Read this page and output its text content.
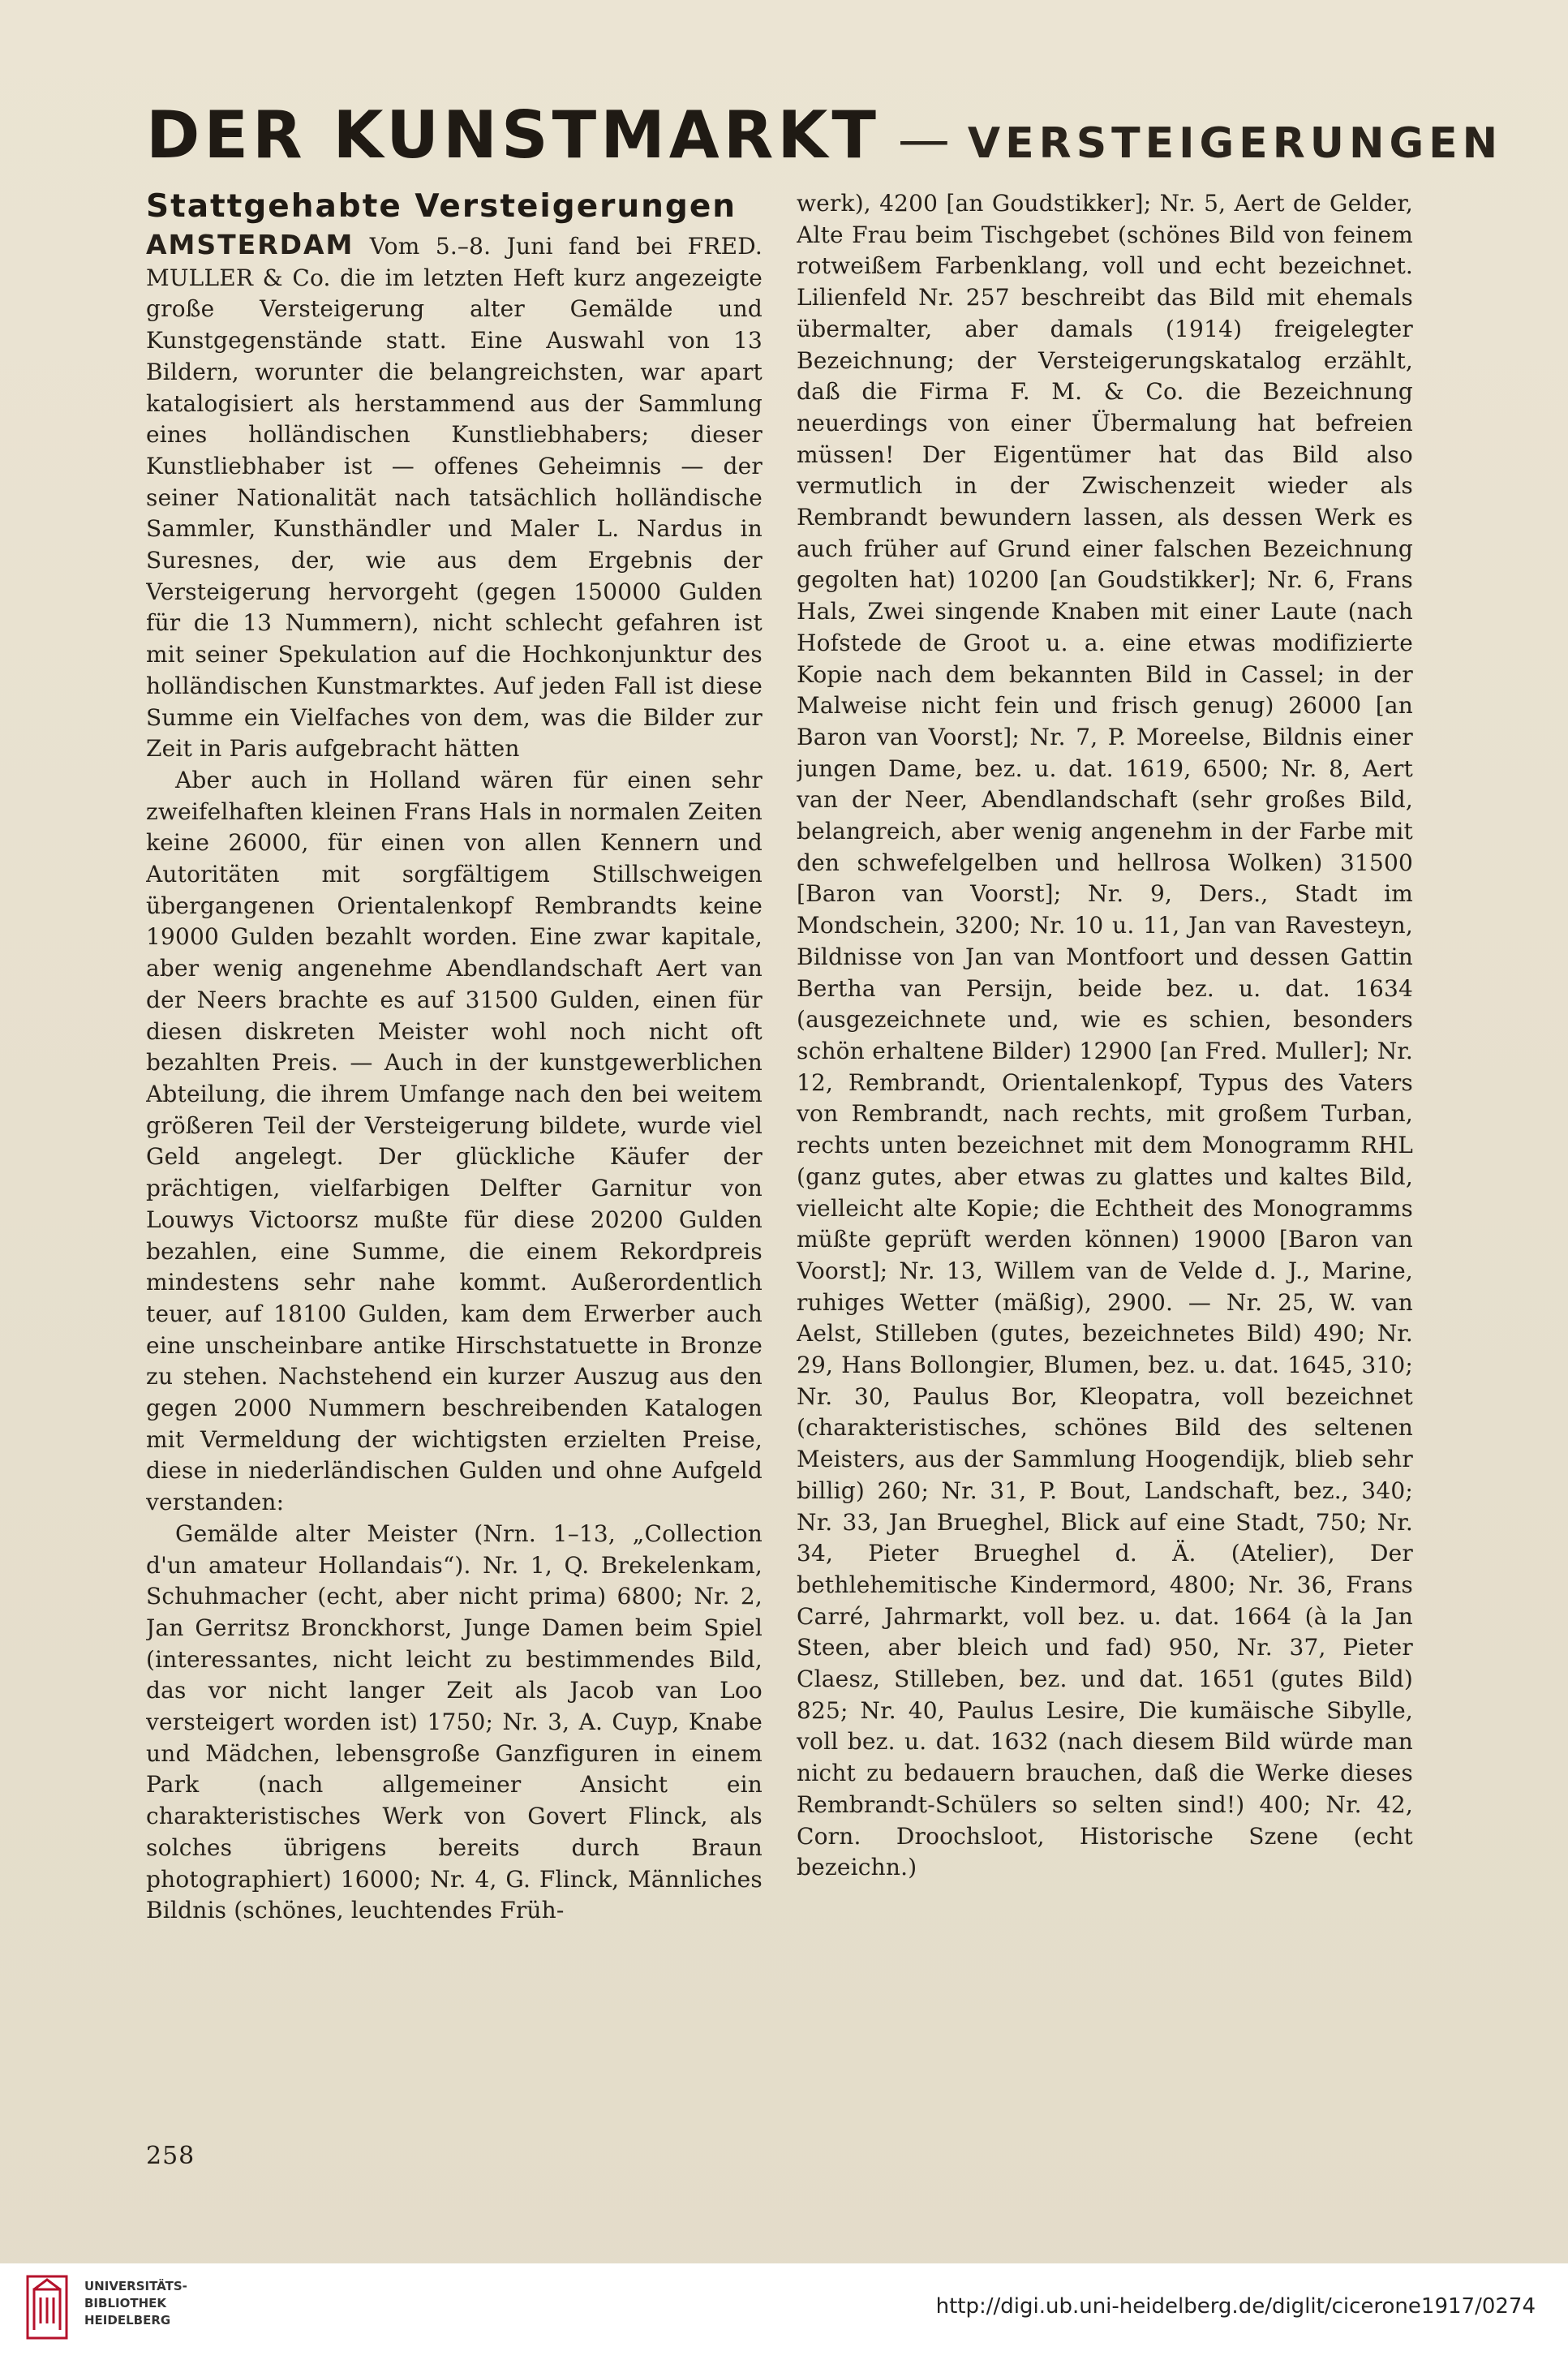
DER KUNSTMARKT — VERSTEIGERUNGEN
Stattgehabte Versteigerungen

AMSTERDAM Vom 5.–8. Juni fand bei FRED. MULLER & Co. die im letzten Heft kurz angezeigte große Versteigerung alter Gemälde und Kunstgegenstände statt. Eine Auswahl von 13 Bildern, worunter die belangreichsten, war apart katalogisiert als herstammend aus der Sammlung eines holländischen Kunstliebhabers; dieser Kunstliebhaber ist — offenes Geheimnis — der seiner Nationalität nach tatsächlich holländische Sammler, Kunsthändler und Maler L. Nardus in Suresnes, der, wie aus dem Ergebnis der Versteigerung hervorgeht (gegen 150000 Gulden für die 13 Nummern), nicht schlecht gefahren ist mit seiner Spekulation auf die Hochkonjunktur des holländischen Kunstmarktes. Auf jeden Fall ist diese Summe ein Vielfaches von dem, was die Bilder zur Zeit in Paris aufgebracht hätten

Aber auch in Holland wären für einen sehr zweifelhaften kleinen Frans Hals in normalen Zeiten keine 26000, für einen von allen Kennern und Autoritäten mit sorgfältigem Stillschweigen übergangenen Orientalenkopf Rembrandts keine 19000 Gulden bezahlt worden. Eine zwar kapitale, aber wenig angenehme Abendlandschaft Aert van der Neers brachte es auf 31500 Gulden, einen für diesen diskreten Meister wohl noch nicht oft bezahlten Preis. — Auch in der kunstgewerblichen Abteilung, die ihrem Umfange nach den bei weitem größeren Teil der Versteigerung bildete, wurde viel Geld angelegt. Der glückliche Käufer der prächtigen, vielfarbigen Delfter Garnitur von Louwys Victoorsz mußte für diese 20200 Gulden bezahlen, eine Summe, die einem Rekordpreis mindestens sehr nahe kommt. Außerordentlich teuer, auf 18100 Gulden, kam dem Erwerber auch eine unscheinbare antike Hirschstatuette in Bronze zu stehen. Nachstehend ein kurzer Auszug aus den gegen 2000 Nummern beschreibenden Katalogen mit Vermeldung der wichtigsten erzielten Preise, diese in niederländischen Gulden und ohne Aufgeld verstanden:

Gemälde alter Meister (Nrn. 1–13, „Collection d'un amateur Hollandais“). Nr. 1, Q. Brekelenkam, Schuhmacher (echt, aber nicht prima) 6800; Nr. 2, Jan Gerritsz Bronckhorst, Junge Damen beim Spiel (interessantes, nicht leicht zu bestimmendes Bild, das vor nicht langer Zeit als Jacob van Loo versteigert worden ist) 1750; Nr. 3, A. Cuyp, Knabe und Mädchen, lebensgroße Ganzfiguren in einem Park (nach allgemeiner Ansicht ein charakteristisches Werk von Govert Flinck, als solches übrigens bereits durch Braun photographiert) 16000; Nr. 4, G. Flinck, Männliches Bildnis (schönes, leuchtendes Früh-

werk), 4200 [an Goudstikker]; Nr. 5, Aert de Gelder, Alte Frau beim Tischgebet (schönes Bild von feinem rotweißem Farbenklang, voll und echt bezeichnet. Lilienfeld Nr. 257 beschreibt das Bild mit ehemals übermalter, aber damals (1914) freigelegter Bezeichnung; der Versteigerungskatalog erzählt, daß die Firma F. M. & Co. die Bezeichnung neuerdings von einer Übermalung hat befreien müssen! Der Eigentümer hat das Bild also vermutlich in der Zwischenzeit wieder als Rembrandt bewundern lassen, als dessen Werk es auch früher auf Grund einer falschen Bezeichnung gegolten hat) 10200 [an Goudstikker]; Nr. 6, Frans Hals, Zwei singende Knaben mit einer Laute (nach Hofstede de Groot u. a. eine etwas modifizierte Kopie nach dem bekannten Bild in Cassel; in der Malweise nicht fein und frisch genug) 26000 [an Baron van Voorst]; Nr. 7, P. Moreelse, Bildnis einer jungen Dame, bez. u. dat. 1619, 6500; Nr. 8, Aert van der Neer, Abendlandschaft (sehr großes Bild, belangreich, aber wenig angenehm in der Farbe mit den schwefelgelben und hellrosa Wolken) 31500 [Baron van Voorst]; Nr. 9, Ders., Stadt im Mondschein, 3200; Nr. 10 u. 11, Jan van Ravesteyn, Bildnisse von Jan van Montfoort und dessen Gattin Bertha van Persijn, beide bez. u. dat. 1634 (ausgezeichnete und, wie es schien, besonders schön erhaltene Bilder) 12900 [an Fred. Muller]; Nr. 12, Rembrandt, Orientalenkopf, Typus des Vaters von Rembrandt, nach rechts, mit großem Turban, rechts unten bezeichnet mit dem Monogramm RHL (ganz gutes, aber etwas zu glattes und kaltes Bild, vielleicht alte Kopie; die Echtheit des Monogramms müßte geprüft werden können) 19000 [Baron van Voorst]; Nr. 13, Willem van de Velde d. J., Marine, ruhiges Wetter (mäßig), 2900. — Nr. 25, W. van Aelst, Stilleben (gutes, bezeichnetes Bild) 490; Nr. 29, Hans Bollongier, Blumen, bez. u. dat. 1645, 310; Nr. 30, Paulus Bor, Kleopatra, voll bezeichnet (charakteristisches, schönes Bild des seltenen Meisters, aus der Sammlung Hoogendijk, blieb sehr billig) 260; Nr. 31, P. Bout, Landschaft, bez., 340; Nr. 33, Jan Brueghel, Blick auf eine Stadt, 750; Nr. 34, Pieter Brueghel d. Ä. (Atelier), Der bethlehemitische Kindermord, 4800; Nr. 36, Frans Carré, Jahrmarkt, voll bez. u. dat. 1664 (à la Jan Steen, aber bleich und fad) 950, Nr. 37, Pieter Claesz, Stilleben, bez. und dat. 1651 (gutes Bild) 825; Nr. 40, Paulus Lesire, Die kumäische Sibylle, voll bez. u. dat. 1632 (nach diesem Bild würde man nicht zu bedauern brauchen, daß die Werke dieses Rembrandt-Schülers so selten sind!) 400; Nr. 42, Corn. Droochsloot, Historische Szene (echt bezeichn.)

258
UNIVERSITÄTS-
BIBLIOTHEK
HEIDELBERG
http://digi.ub.uni-heidelberg.de/diglit/cicerone1917/0274
